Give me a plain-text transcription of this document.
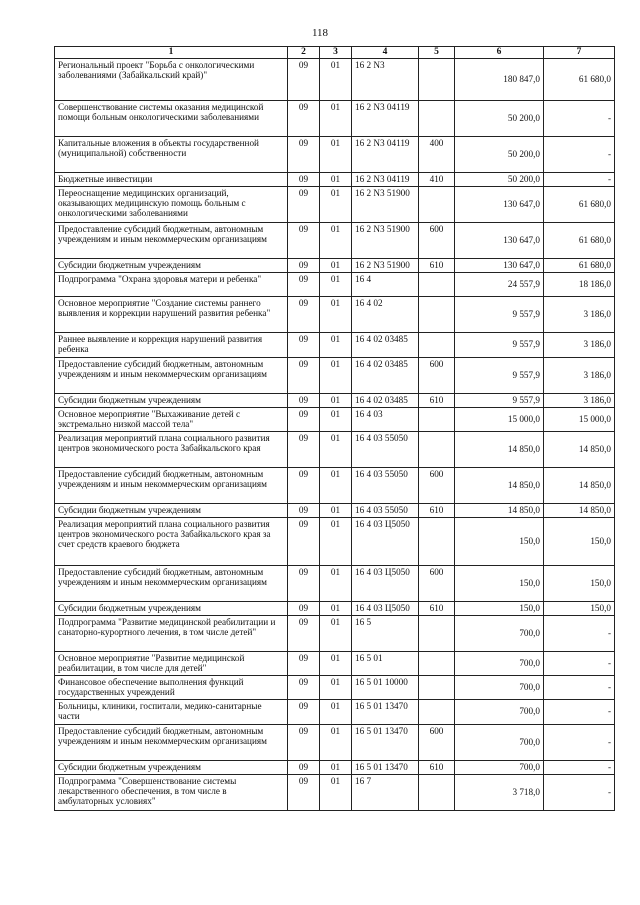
118
1	2	3	4	5	6	7
Региональный проект "Борьба с онкологическими заболеваниями (Забайкальский край)"	09	01	16 2 N3		180 847,0	61 680,0
Совершенствование системы оказания медицинской помощи больным онкологическими заболеваниями	09	01	16 2 N3 04119		50 200,0	-
Капитальные вложения в объекты государственной (муниципальной) собственности	09	01	16 2 N3 04119	400	50 200,0	-
Бюджетные инвестиции	09	01	16 2 N3 04119	410	50 200,0	-
Переоснащение медицинских организаций, оказывающих медицинскую помощь больным с онкологическими заболеваниями	09	01	16 2 N3 51900		130 647,0	61 680,0
Предоставление субсидий бюджетным, автономным учреждениям и иным некоммерческим организациям	09	01	16 2 N3 51900	600	130 647,0	61 680,0
Субсидии бюджетным учреждениям	09	01	16 2 N3 51900	610	130 647,0	61 680,0
Подпрограмма "Охрана здоровья матери и ребенка"	09	01	16 4		24 557,9	18 186,0
Основное мероприятие "Создание системы раннего выявления и коррекции нарушений развития ребенка"	09	01	16 4 02		9 557,9	3 186,0
Раннее выявление и коррекция нарушений развития ребенка	09	01	16 4 02 03485		9 557,9	3 186,0
Предоставление субсидий бюджетным, автономным учреждениям и иным некоммерческим организациям	09	01	16 4 02 03485	600	9 557,9	3 186,0
Субсидии бюджетным учреждениям	09	01	16 4 02 03485	610	9 557,9	3 186,0
Основное мероприятие "Выхаживание детей с экстремально низкой массой тела"	09	01	16 4 03		15 000,0	15 000,0
Реализация мероприятий плана социального развития центров экономического роста Забайкальского края	09	01	16 4 03 55050		14 850,0	14 850,0
Предоставление субсидий бюджетным, автономным учреждениям и иным некоммерческим организациям	09	01	16 4 03 55050	600	14 850,0	14 850,0
Субсидии бюджетным учреждениям	09	01	16 4 03 55050	610	14 850,0	14 850,0
Реализация мероприятий плана социального развития центров экономического роста Забайкальского края за счет средств краевого бюджета	09	01	16 4 03 Ц5050		150,0	150,0
Предоставление субсидий бюджетным, автономным учреждениям и иным некоммерческим организациям	09	01	16 4 03 Ц5050	600	150,0	150,0
Субсидии бюджетным учреждениям	09	01	16 4 03 Ц5050	610	150,0	150,0
Подпрограмма "Развитие медицинской реабилитации и санаторно-курортного лечения, в том числе детей"	09	01	16 5		700,0	-
Основное мероприятие "Развитие медицинской реабилитации, в том числе для детей"	09	01	16 5 01		700,0	-
Финансовое обеспечение выполнения функций государственных учреждений	09	01	16 5 01 10000		700,0	-
Больницы, клиники, госпитали, медико-санитарные части	09	01	16 5 01 13470		700,0	-
Предоставление субсидий бюджетным, автономным учреждениям и иным некоммерческим организациям	09	01	16 5 01 13470	600	700,0	-
Субсидии бюджетным учреждениям	09	01	16 5 01 13470	610	700,0	-
Подпрограмма "Совершенствование системы лекарственного обеспечения, в том числе в амбулаторных условиях"	09	01	16 7		3 718,0	-
